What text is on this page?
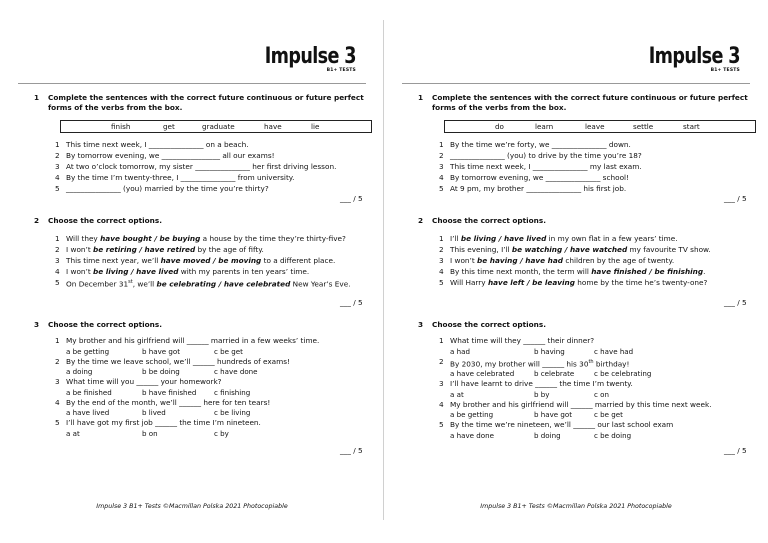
Impulse 3
B1+ TESTS
1 Complete the sentences with the correct future continuous or future perfect
forms of the verbs from the box.
finish	get	graduate	have	lie
1 This time next week, I _______________ on a beach.
2 By tomorrow evening, we ________________ all our exams!
3 At two o’clock tomorrow, my sister _______________ her first driving lesson.
4 By the time I’m twenty-three, I _______________ from university.
5 _______________ (you) married by the time you’re thirty?
___ / 5
2 Choose the correct options.
1 Will they have bought / be buying a house by the time they’re thirty-five?
2 I won’t be retiring / have retired by the age of fifty.
3 This time next year, we’ll have moved / be moving to a different place.
4 I won’t be living / have lived with my parents in ten years’ time.
5 On December 31st, we’ll be celebrating / have celebrated New Year’s Eve.
___ / 5
3 Choose the correct options.
1 My brother and his girlfriend will ______ married in a few weeks’ time.
a be getting	b have got	c be get
2 By the time we leave school, we’ll ______ hundreds of exams!
a doing	b be doing	c have done
3 What time will you ______ your homework?
a be finished	b have finished c finishing
4 By the end of the month, we’ll ______ here for ten tears!
a have lived	b lived	c be living
5 I’ll have got my first job ______ the time I’m nineteen.
a at	b on	c by
___ / 5
Impulse 3 B1+ Tests ©Macmillan Polska 2021 Photocopiable
Impulse 3
B1+ TESTS
1 Complete the sentences with the correct future continuous or future perfect
forms of the verbs from the box.
do	learn	leave	settle	start
1 By the time we’re forty, we _______________ down.
2 _______________ (you) to drive by the time you’re 18?
3 This time next week, I _______________ my last exam.
4 By tomorrow evening, we _______________ school!
5 At 9 pm, my brother _______________ his first job.
___ / 5
2 Choose the correct options.
1 I’ll be living / have lived in my own flat in a few years’ time.
2 This evening, I’ll be watching / have watched my favourite TV show.
3 I won’t be having / have had children by the age of twenty.
4 By this time next month, the term will have finished / be finishing.
5 Will Harry have left / be leaving home by the time he’s twenty-one?
___ / 5
3 Choose the correct options.
1 What time will they ______ their dinner?
a had	b having	c have had
2 By 2030, my brother will ______ his 30th birthday!
a have celebrated	b celebrate	c be celebrating
3 I’ll have learnt to drive ______ the time I’m twenty.
a at	b by	c on
4 My brother and his girlfriend will ______ married by this time next week.
a be getting	b have got	c be get
5 By the time we’re nineteen, we’ll ______ our last school exam
a have done	b doing	c be doing
___ / 5
Impulse 3 B1+ Tests ©Macmillan Polska 2021 Photocopiable
